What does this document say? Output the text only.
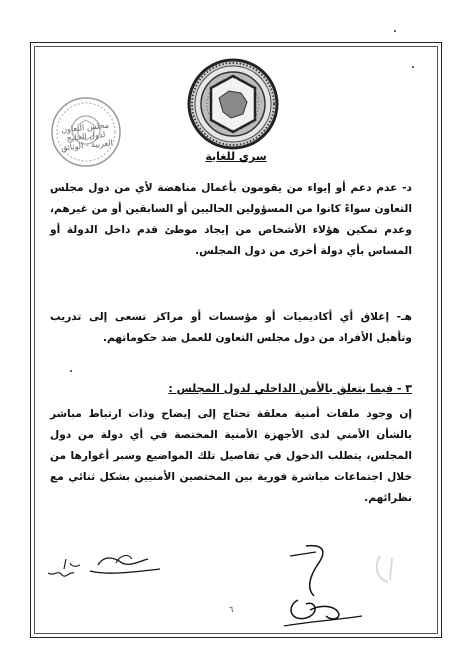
مجلس التعاون لدول الخليج العربية - الوثائق
سري للغاية
د- عدم دعم أو إيواء من يقومون بأعمال مناهضة لأي من دول مجلس التعاون سواءً كانوا من المسؤولين الحاليين أو السابقين أو من غيرهم، وعدم تمكين هؤلاء الأشخاص من إيجاد موطئ قدم داخل الدولة أو المساس بأي دولة أخرى من دول المجلس.
هـ- إغلاق أي أكاديميات أو مؤسسات أو مراكز تسعى إلى تدريب وتأهيل الأفراد من دول مجلس التعاون للعمل ضد حكوماتهم.
٣ - فيما يتعلق بالأمن الداخلي لدول المجلس :
إن وجود ملفات أمنية معلقة تحتاج إلى إيضاح وذات ارتباط مباشر بالشأن الأمني لدى الأجهزة الأمنية المختصة في أي دولة من دول المجلس، يتطلب الدخول في تفاصيل تلك المواضيع وسبر أغوارها من خلال اجتماعات مباشرة فورية بين المختصين الأمنيين بشكل ثنائي مع نظرائهم.
٦
